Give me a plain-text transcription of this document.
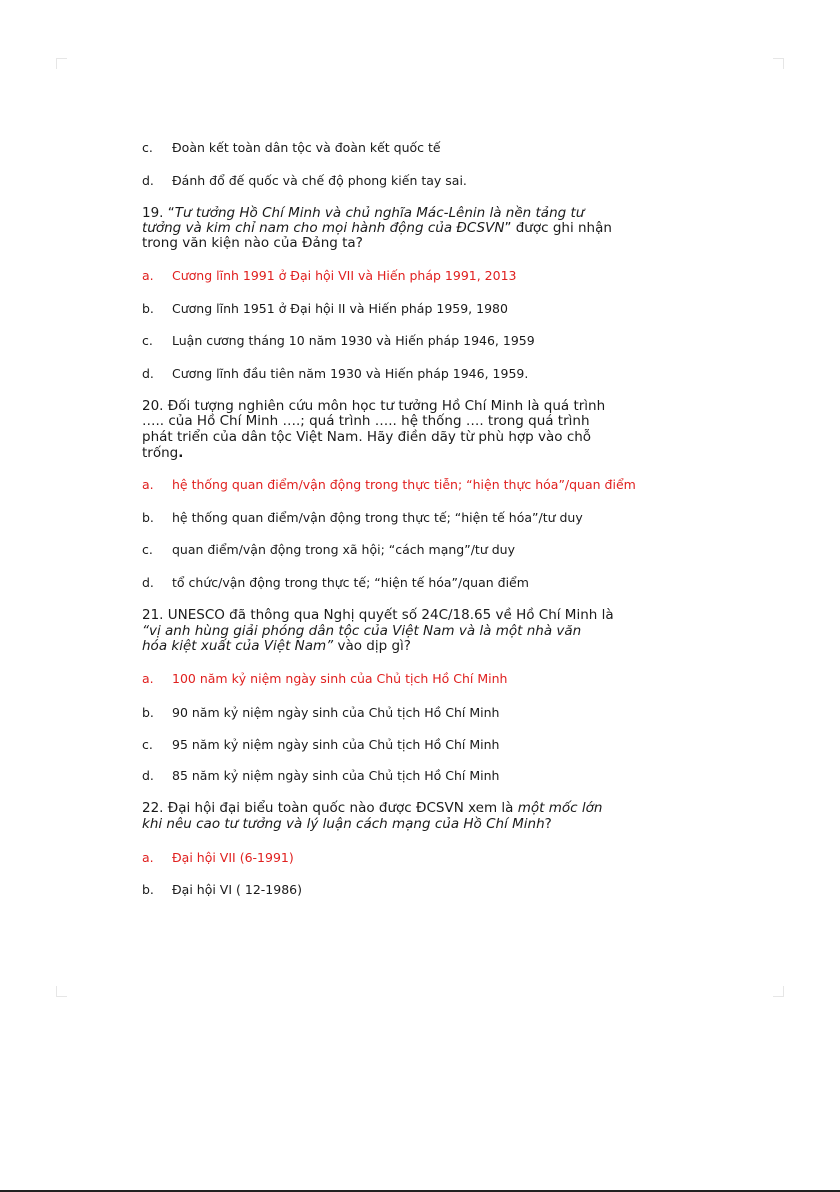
c.	Đoàn kết toàn dân tộc và đoàn kết quốc tế
d.	Đánh đổ đế quốc và chế độ phong kiến tay sai.
19. “Tư tưởng Hồ Chí Minh và chủ nghĩa Mác-Lênin là nền tảng tư
tưởng và kim chỉ nam cho mọi hành động của ĐCSVN” được ghi nhận
trong văn kiện nào của Đảng ta?
a.	Cương lĩnh 1991 ở Đại hội VII và Hiến pháp 1991, 2013
b.	Cương lĩnh 1951 ở Đại hội II và Hiến pháp 1959, 1980
c.	Luận cương tháng 10 năm 1930 và Hiến pháp 1946, 1959
d.	Cương lĩnh đầu tiên năm 1930 và Hiến pháp 1946, 1959.
20. Đối tượng nghiên cứu môn học tư tưởng Hồ Chí Minh là quá trình
….. của Hồ Chí Minh ….; quá trình ….. hệ thống …. trong quá trình
phát triển của dân tộc Việt Nam. Hãy điền dãy từ phù hợp vào chỗ
trống.
a.	hệ thống quan điểm/vận động trong thực tiễn; “hiện thực hóa”/quan điểm
b.	hệ thống quan điểm/vận động trong thực tế; “hiện tế hóa”/tư duy
c.	quan điểm/vận động trong xã hội; “cách mạng”/tư duy
d.	tổ chức/vận động trong thực tế; “hiện tế hóa”/quan điểm
21. UNESCO đã thông qua Nghị quyết số 24C/18.65 về Hồ Chí Minh là
“vị anh hùng giải phóng dân tộc của Việt Nam và là một nhà văn
hóa kiệt xuất của Việt Nam” vào dịp gì?
a.	100 năm kỷ niệm ngày sinh của Chủ tịch Hồ Chí Minh
b.	90 năm kỷ niệm ngày sinh của Chủ tịch Hồ Chí Minh
c.	95 năm kỷ niệm ngày sinh của Chủ tịch Hồ Chí Minh
d.	85 năm kỷ niệm ngày sinh của Chủ tịch Hồ Chí Minh
22. Đại hội đại biểu toàn quốc nào được ĐCSVN xem là một mốc lớn
khi nêu cao tư tưởng và lý luận cách mạng của Hồ Chí Minh?
a.	Đại hội VII (6-1991)
b.	Đại hội VI ( 12-1986)
